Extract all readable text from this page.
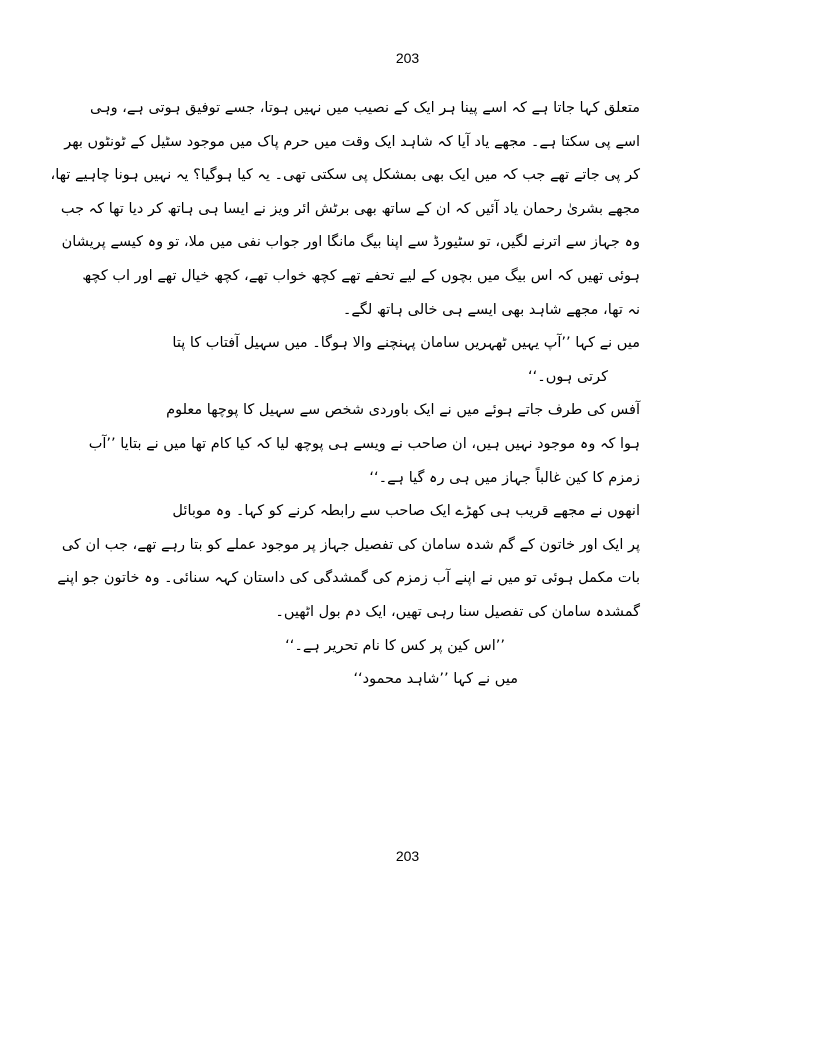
203
متعلق کہا جاتا ہے کہ اسے پینا ہر ایک کے نصیب میں نہیں ہوتا، جسے توفیق ہوتی ہے، وہی
اسے پی سکتا ہے۔ مجھے یاد آیا کہ شاہد ایک وقت میں حرم پاک میں موجود سٹیل کے ٹونٹوں بھر
کر پی جاتے تھے جب کہ میں ایک بھی بمشکل پی سکتی تھی۔ یہ کیا ہوگیا؟ یہ نہیں ہونا چاہیے تھا،
مجھے بشریٰ رحمان یاد آئیں کہ ان کے ساتھ بھی برٹش ائر ویز نے ایسا ہی ہاتھ کر دیا تھا کہ جب
وہ جہاز سے اترنے لگیں، تو سٹیورڈ سے اپنا بیگ مانگا اور جواب نفی میں ملا، تو وہ کیسے پریشان
ہوئی تھیں کہ اس بیگ میں بچوں کے لیے تحفے تھے کچھ خواب تھے، کچھ خیال تھے اور اب کچھ
نہ تھا، مجھے شاہد بھی ایسے ہی خالی ہاتھ لگے۔
میں نے کہا ’’آپ یہیں ٹھہریں سامان پہنچنے والا ہوگا۔ میں سہیل آفتاب کا پتا
کرتی ہوں۔‘‘
آفس کی طرف جاتے ہوئے میں نے ایک باوردی شخص سے سہیل کا پوچھا معلوم
ہوا کہ وہ موجود نہیں ہیں، ان صاحب نے ویسے ہی پوچھ لیا کہ کیا کام تھا میں نے بتایا ’’آب
زمزم کا کین غالباً جہاز میں ہی رہ گیا ہے۔‘‘
انھوں نے مجھے قریب ہی کھڑے ایک صاحب سے رابطہ کرنے کو کہا۔ وہ موبائل
پر ایک اور خاتون کے گم شدہ سامان کی تفصیل جہاز پر موجود عملے کو بتا رہے تھے، جب ان کی
بات مکمل ہوئی تو میں نے اپنے آب زمزم کی گمشدگی کی داستان کہہ سنائی۔ وہ خاتون جو اپنے
گمشدہ سامان کی تفصیل سنا رہی تھیں، ایک دم بول اٹھیں۔
’’اس کین پر کس کا نام تحریر ہے۔‘‘
میں نے کہا ’’شاہد محمود‘‘
203
